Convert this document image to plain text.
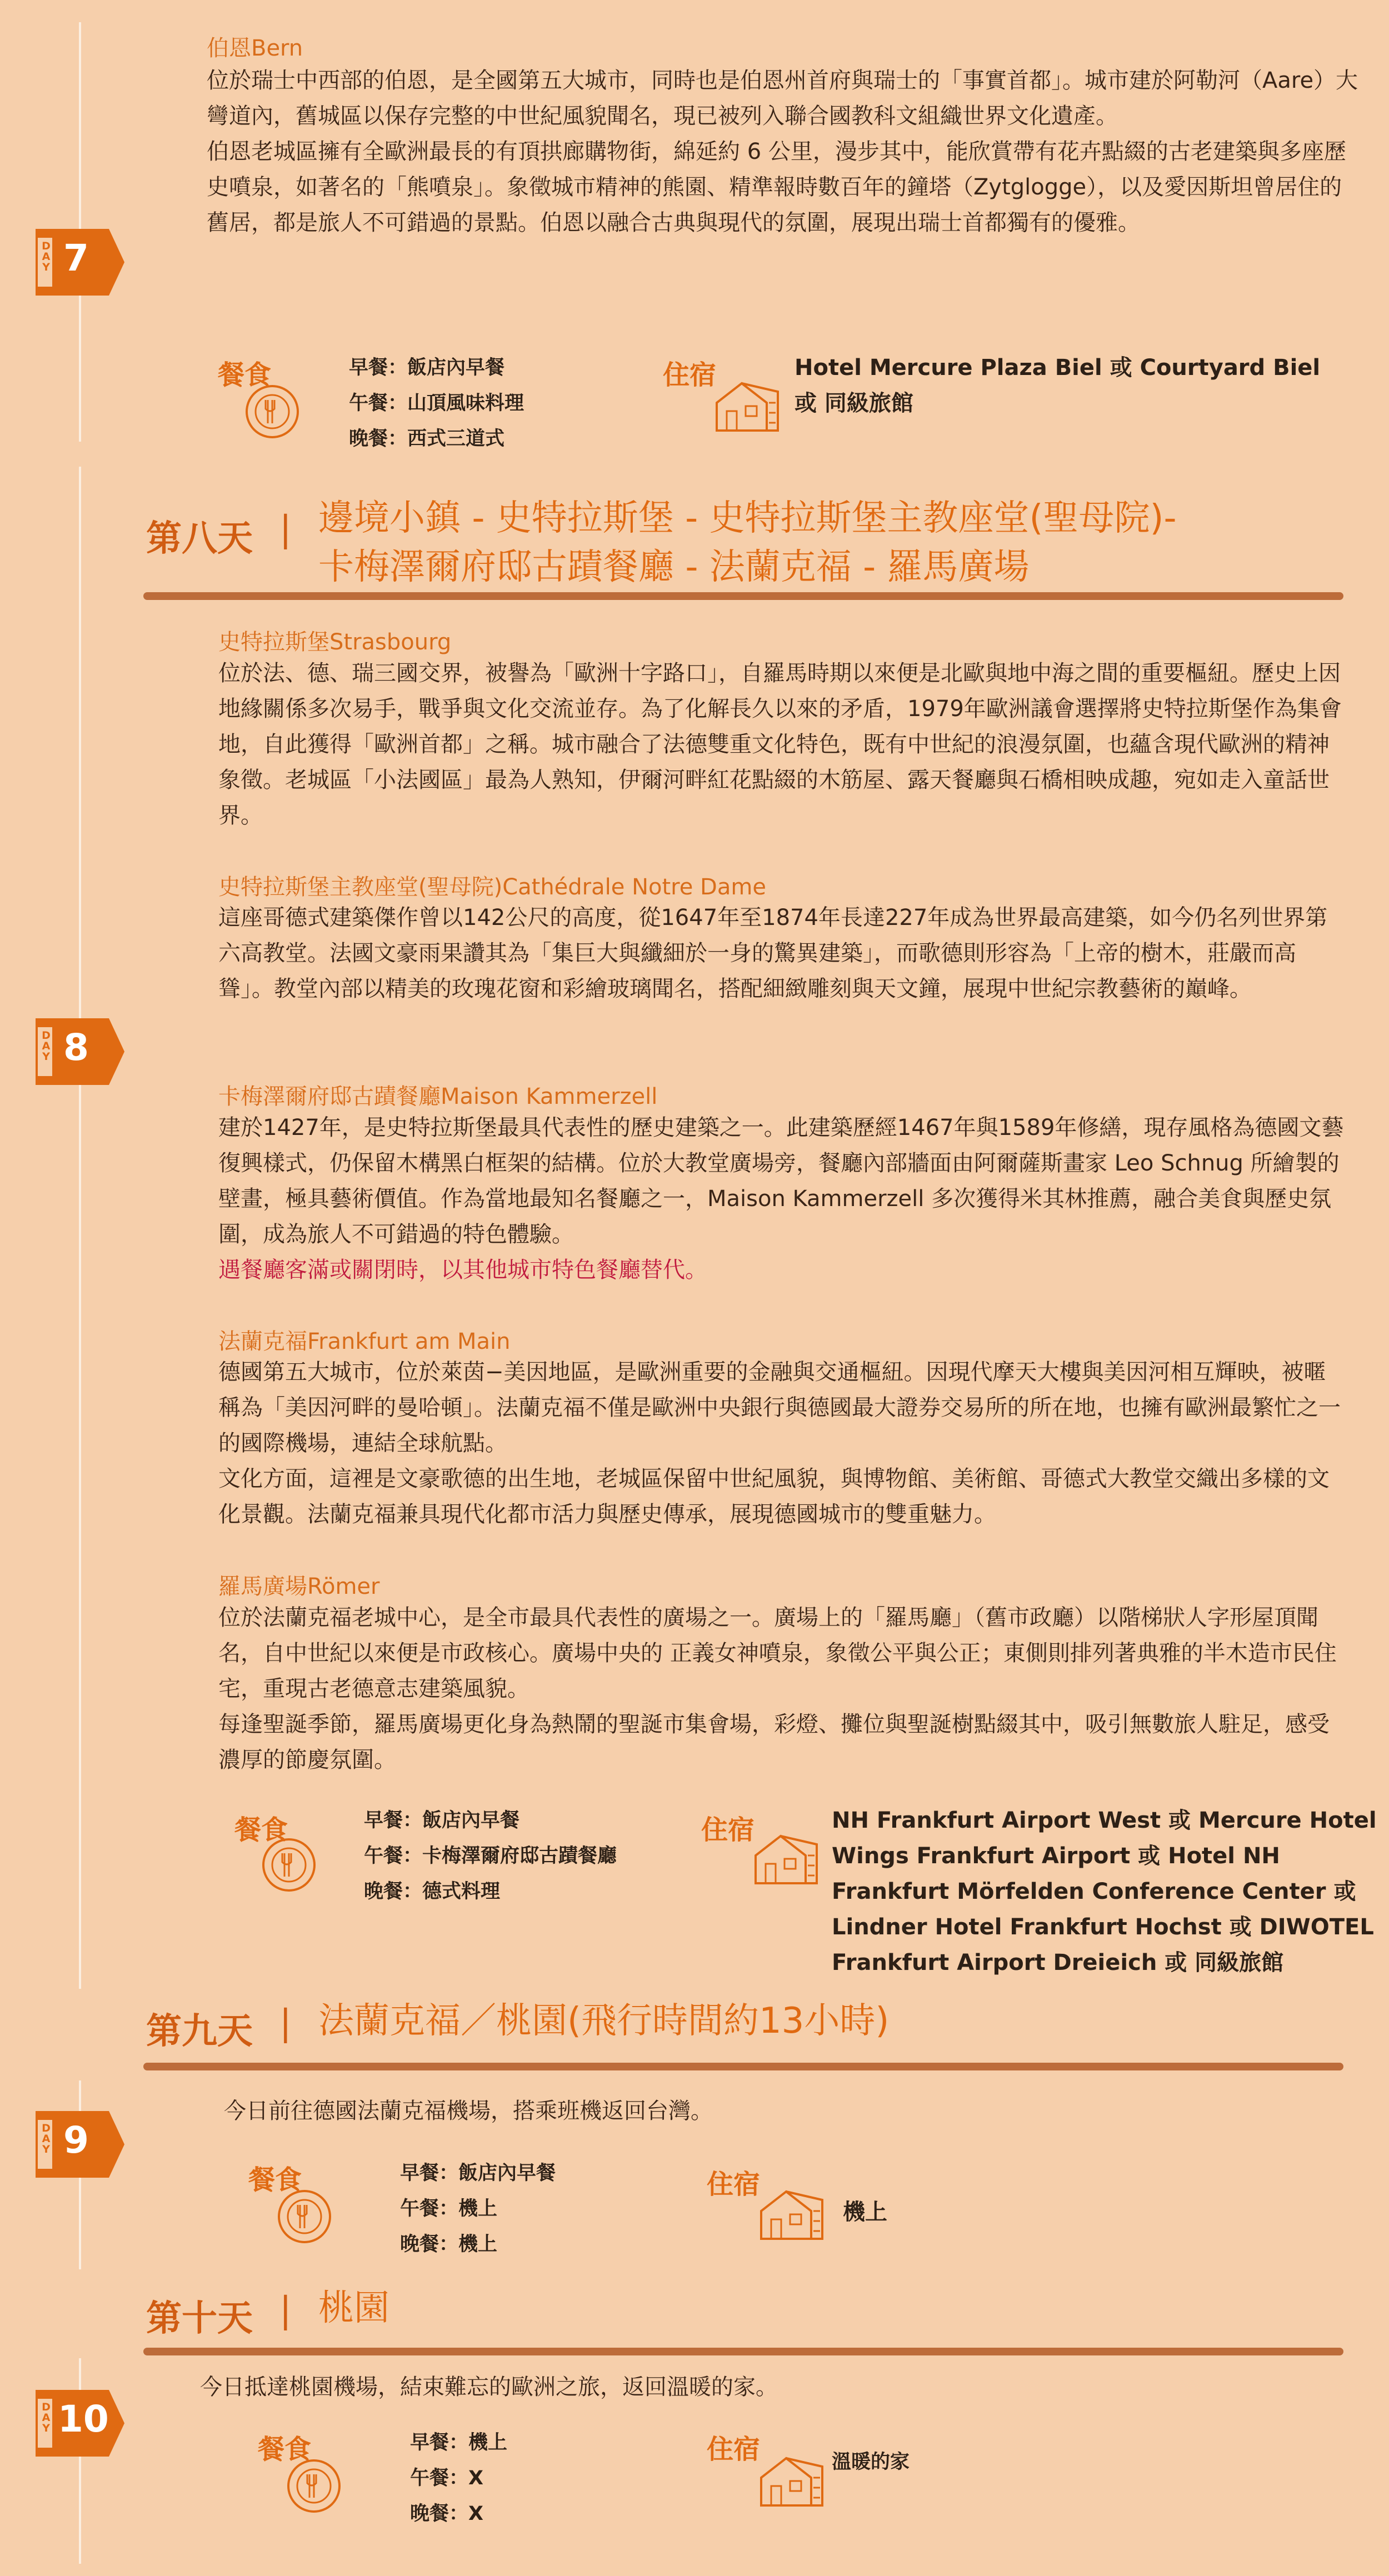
D
A
Y 7
伯恩Bern

位於瑞士中西部的伯恩，是全國第五大城市，同時也是伯恩州首府與瑞士的「事實首都」。城市建於阿勒河（Aare）大彎道內，舊城區以保存完整的中世紀風貌聞名，現已被列入聯合國教科文組織世界文化遺產。

伯恩老城區擁有全歐洲最長的有頂拱廊購物街，綿延約 6 公里，漫步其中，能欣賞帶有花卉點綴的古老建築與多座歷史噴泉，如著名的「熊噴泉」。象徵城市精神的熊園、精準報時數百年的鐘塔（Zytglogge），以及愛因斯坦曾居住的舊居，都是旅人不可錯過的景點。伯恩以融合古典與現代的氛圍，展現出瑞士首都獨有的優雅。

餐食	早餐：飯店內早餐
午餐：山頂風味料理
晚餐：西式三道式
住宿	Hotel Mercure Plaza Biel 或 Courtyard Biel
或 同級旅館
第八天 | 邊境小鎮 - 史特拉斯堡 - 史特拉斯堡主教座堂(聖母院)-
卡梅澤爾府邸古蹟餐廳 - 法蘭克福 - 羅馬廣場
D
A
Y 8
史特拉斯堡Strasbourg
位於法、德、瑞三國交界，被譽為「歐洲十字路口」，自羅馬時期以來便是北歐與地中海之間的重要樞紐。歷史上因地緣關係多次易手，戰爭與文化交流並存。為了化解長久以來的矛盾，1979年歐洲議會選擇將史特拉斯堡作為集會地，自此獲得「歐洲首都」之稱。城市融合了法德雙重文化特色，既有中世紀的浪漫氛圍，也蘊含現代歐洲的精神象徵。老城區「小法國區」最為人熟知，伊爾河畔紅花點綴的木筋屋、露天餐廳與石橋相映成趣，宛如走入童話世界。
史特拉斯堡主教座堂(聖母院)Cathédrale Notre Dame
這座哥德式建築傑作曾以142公尺的高度，從1647年至1874年長達227年成為世界最高建築，如今仍名列世界第六高教堂。法國文豪雨果讚其為「集巨大與纖細於一身的驚異建築」，而歌德則形容為「上帝的樹木，莊嚴而高聳」。教堂內部以精美的玫瑰花窗和彩繪玻璃聞名，搭配細緻雕刻與天文鐘，展現中世紀宗教藝術的巔峰。
卡梅澤爾府邸古蹟餐廳Maison Kammerzell

建於1427年，是史特拉斯堡最具代表性的歷史建築之一。此建築歷經1467年與1589年修繕，現存風格為德國文藝復興樣式，仍保留木構黑白框架的結構。位於大教堂廣場旁，餐廳內部牆面由阿爾薩斯畫家 Leo Schnug 所繪製的壁畫，極具藝術價值。作為當地最知名餐廳之一，Maison Kammerzell 多次獲得米其林推薦，融合美食與歷史氛圍，成為旅人不可錯過的特色體驗。

遇餐廳客滿或關閉時，以其他城市特色餐廳替代。

法蘭克福Frankfurt am Main

德國第五大城市，位於萊茵−美因地區，是歐洲重要的金融與交通樞紐。因現代摩天大樓與美因河相互輝映，被暱稱為「美因河畔的曼哈頓」。法蘭克福不僅是歐洲中央銀行與德國最大證券交易所的所在地，也擁有歐洲最繁忙之一的國際機場，連結全球航點。

文化方面，這裡是文豪歌德的出生地，老城區保留中世紀風貌，與博物館、美術館、哥德式大教堂交織出多樣的文化景觀。法蘭克福兼具現代化都市活力與歷史傳承，展現德國城市的雙重魅力。

羅馬廣場Römer

位於法蘭克福老城中心，是全市最具代表性的廣場之一。廣場上的「羅馬廳」（舊市政廳）以階梯狀人字形屋頂聞名，自中世紀以來便是市政核心。廣場中央的 正義女神噴泉，象徵公平與公正；東側則排列著典雅的半木造市民住宅，重現古老德意志建築風貌。

每逢聖誕季節，羅馬廣場更化身為熱鬧的聖誕市集會場，彩燈、攤位與聖誕樹點綴其中，吸引無數旅人駐足，感受濃厚的節慶氛圍。

餐食	早餐：飯店內早餐
午餐：卡梅澤爾府邸古蹟餐廳
晚餐：德式料理
住宿	NH Frankfurt Airport West 或 Mercure Hotel
Wings Frankfurt Airport 或 Hotel NH
Frankfurt Mörfelden Conference Center 或
Lindner Hotel Frankfurt Hochst 或 DIWOTEL
Frankfurt Airport Dreieich 或 同級旅館
第九天 | 法蘭克福／桃園(飛行時間約13小時)
D
A
Y 9
今日前往德國法蘭克福機場，搭乘班機返回台灣。
餐食	早餐：飯店內早餐
午餐：機上
晚餐：機上
住宿
機上
第十天 | 桃園
D
A
Y 10
今日抵達桃園機場，結束難忘的歐洲之旅，返回溫暖的家。
餐食	早餐：機上
午餐：X
晚餐：X
住宿	溫暖的家
